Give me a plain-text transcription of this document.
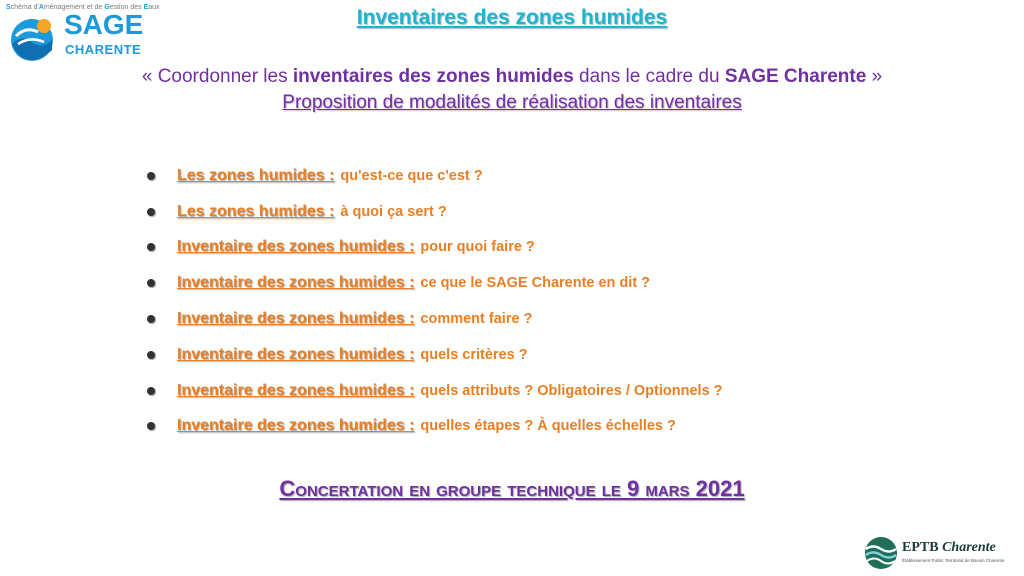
Schéma d'Aménagement et de Gestion des Eaux
SAGE
CHARENTE
Inventaires des zones humides
« Coordonner les inventaires des zones humides dans le cadre du SAGE Charente »
Proposition de modalités de réalisation des inventaires
Les zones humides : qu'est-ce que c'est ?
Les zones humides : à quoi ça sert ?
Inventaire des zones humides : pour quoi faire ?
Inventaire des zones humides : ce que le SAGE Charente en dit ?
Inventaire des zones humides : comment faire ?
Inventaire des zones humides : quels critères ?
Inventaire des zones humides : quels attributs ? Obligatoires / Optionnels ?
Inventaire des zones humides : quelles étapes ? À quelles échelles ?
Concertation en groupe technique le 9 mars 2021
EPTB Charente
Établissement Public Territorial de Bassin Charente
